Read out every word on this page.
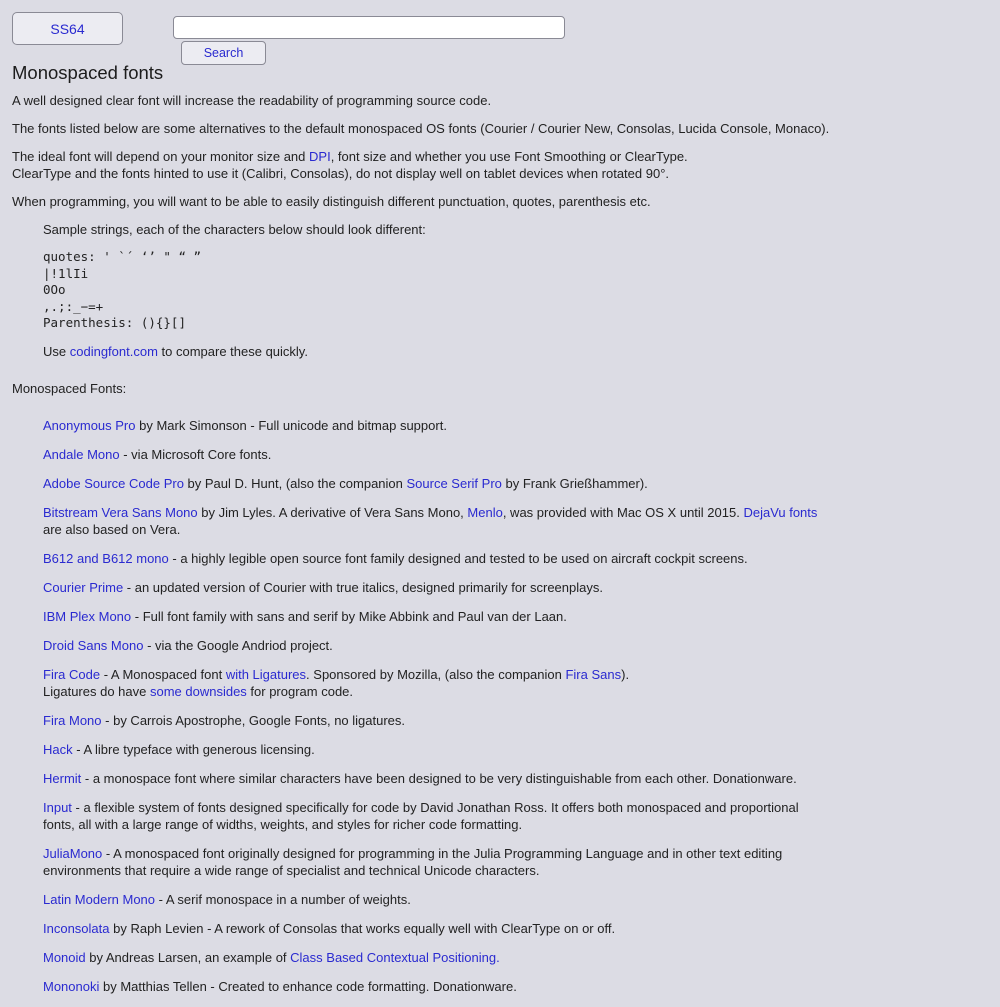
SS64
Search
Monospaced fonts

A well designed clear font will increase the readability of programming source code.

The fonts listed below are some alternatives to the default monospaced OS fonts (Courier / Courier New, Consolas, Lucida Console, Monaco).

The ideal font will depend on your monitor size and DPI, font size and whether you use Font Smoothing or ClearType.
ClearType and the fonts hinted to use it (Calibri, Consolas), do not display well on tablet devices when rotated 90°.

When programming, you will want to be able to easily distinguish different punctuation, quotes, parenthesis etc.

Sample strings, each of the characters below should look different:

quotes: ' `´ ‘’ " “ ”
|!1lIi
0Oo
,.;:_−=+
Parenthesis: (){}[]

Use codingfont.com to compare these quickly.

Monospaced Fonts:

Anonymous Pro by Mark Simonson - Full unicode and bitmap support.
Andale Mono - via Microsoft Core fonts.
Adobe Source Code Pro by Paul D. Hunt, (also the companion Source Serif Pro by Frank Grießhammer).
Bitstream Vera Sans Mono by Jim Lyles. A derivative of Vera Sans Mono, Menlo, was provided with Mac OS X until 2015. DejaVu fonts are also based on Vera.
B612 and B612 mono - a highly legible open source font family designed and tested to be used on aircraft cockpit screens.
Courier Prime - an updated version of Courier with true italics, designed primarily for screenplays.
IBM Plex Mono - Full font family with sans and serif by Mike Abbink and Paul van der Laan.
Droid Sans Mono - via the Google Andriod project.
Fira Code - A Monospaced font with Ligatures. Sponsored by Mozilla, (also the companion Fira Sans).
Ligatures do have some downsides for program code.
Fira Mono - by Carrois Apostrophe, Google Fonts, no ligatures.
Hack - A libre typeface with generous licensing.
Hermit - a monospace font where similar characters have been designed to be very distinguishable from each other. Donationware.
Input - a flexible system of fonts designed specifically for code by David Jonathan Ross. It offers both monospaced and proportional fonts, all with a large range of widths, weights, and styles for richer code formatting.
JuliaMono - A monospaced font originally designed for programming in the Julia Programming Language and in other text editing environments that require a wide range of specialist and technical Unicode characters.
Latin Modern Mono - A serif monospace in a number of weights.
Inconsolata by Raph Levien - A rework of Consolas that works equally well with ClearType on or off.
Monoid by Andreas Larsen, an example of Class Based Contextual Positioning.
Mononoki by Matthias Tellen - Created to enhance code formatting. Donationware.
